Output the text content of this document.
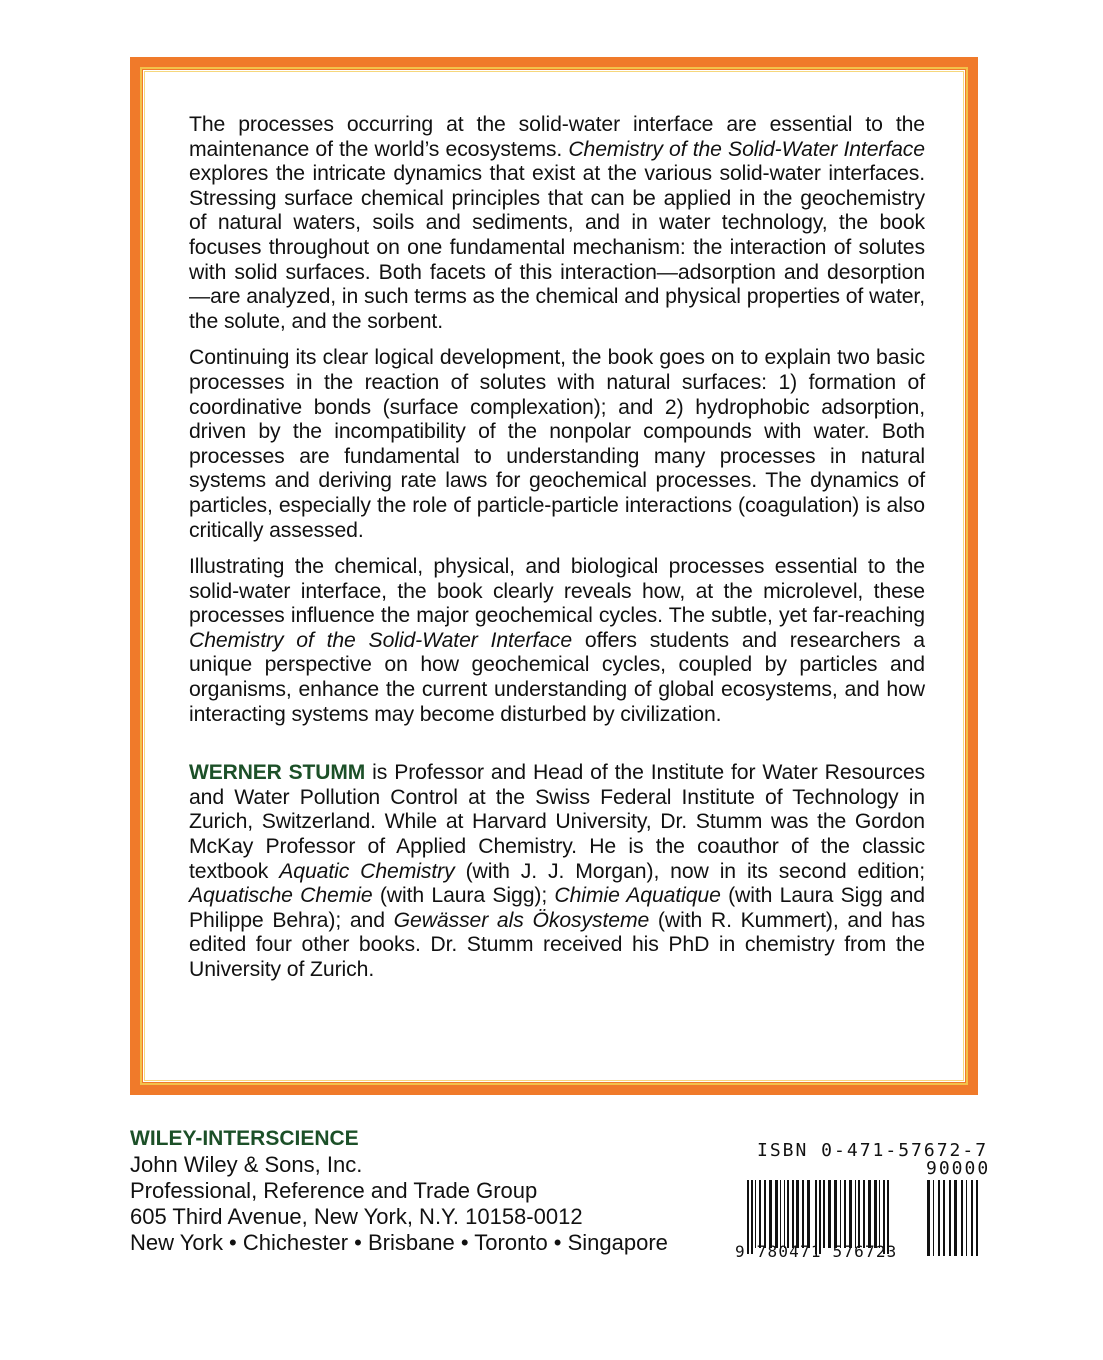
The processes occurring at the solid-water interface are essential to the maintenance of the world’s ecosystems. Chemistry of the Solid-Water Interface explores the intricate dynamics that exist at the various solid-water interfaces. Stressing surface chemical principles that can be applied in the geochemistry of natural waters, soils and sediments, and in water technology, the book focuses throughout on one fundamental mechanism: the interaction of solutes with solid surfaces. Both facets of this interaction—adsorption and desorption—are analyzed, in such terms as the chemical and physical properties of water, the solute, and the sorbent.

Continuing its clear logical development, the book goes on to explain two basic processes in the reaction of solutes with natural surfaces: 1) formation of coordinative bonds (surface complexation); and 2) hydrophobic adsorption, driven by the incompatibility of the nonpolar compounds with water. Both processes are fundamental to understanding many processes in natural systems and deriving rate laws for geochemical processes. The dynamics of particles, especially the role of particle-particle interactions (coagulation) is also critically assessed.

Illustrating the chemical, physical, and biological processes essential to the solid-water interface, the book clearly reveals how, at the microlevel, these processes influence the major geochemical cycles. The subtle, yet far-reaching Chemistry of the Solid-Water Interface offers students and researchers a unique perspective on how geochemical cycles, coupled by particles and organisms, enhance the current understanding of global ecosystems, and how interacting systems may become disturbed by civilization.

WERNER STUMM is Professor and Head of the Institute for Water Resources and Water Pollution Control at the Swiss Federal Institute of Technology in Zurich, Switzerland. While at Harvard University, Dr. Stumm was the Gordon McKay Professor of Applied Chemistry. He is the coauthor of the classic textbook Aquatic Chemistry (with J. J. Morgan), now in its second edition; Aquatische Chemie (with Laura Sigg); Chimie Aquatique (with Laura Sigg and Philippe Behra); and Gewässer als Ökosysteme (with R. Kummert), and has edited four other books. Dr. Stumm received his PhD in chemistry from the University of Zurich.

WILEY-INTERSCIENCE
John Wiley & Sons, Inc.
Professional, Reference and Trade Group
605 Third Avenue, New York, N.Y. 10158-0012
New York • Chichester • Brisbane • Toronto • Singapore
ISBN 0-471-57672-7
90000
9 780471 576723
